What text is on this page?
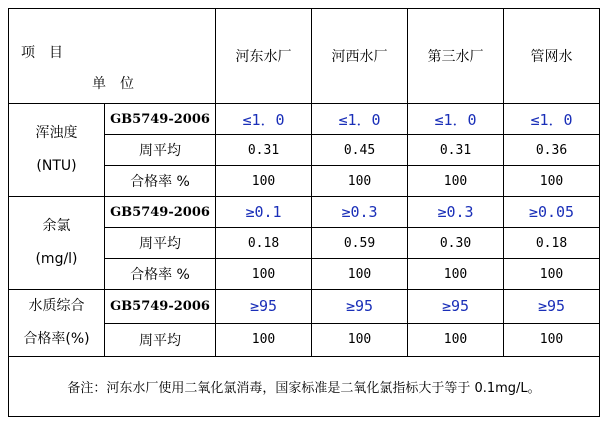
项　目
单　位		河东水厂	河西水厂	第三水厂	管网水

浑浊度
(NTU)	GB5749-2006	≤1．0	≤1．0	≤1．0	≤1．0
	周平均	0.31	0.45	0.31	0.36
	合格率 %	100	100	100	100

余氯
(mg/l)	GB5749-2006	≥0.1	≥0.3	≥0.3	≥0.05
	周平均	0.18	0.59	0.30	0.18
	合格率 %	100	100	100	100

水质综合
合格率(%)	GB5749-2006	≥95	≥95	≥95	≥95
	周平均	100	100	100	100
备注：河东水厂使用二氧化氯消毒，国家标准是二氧化氯指标大于等于 0.1mg/L。					
